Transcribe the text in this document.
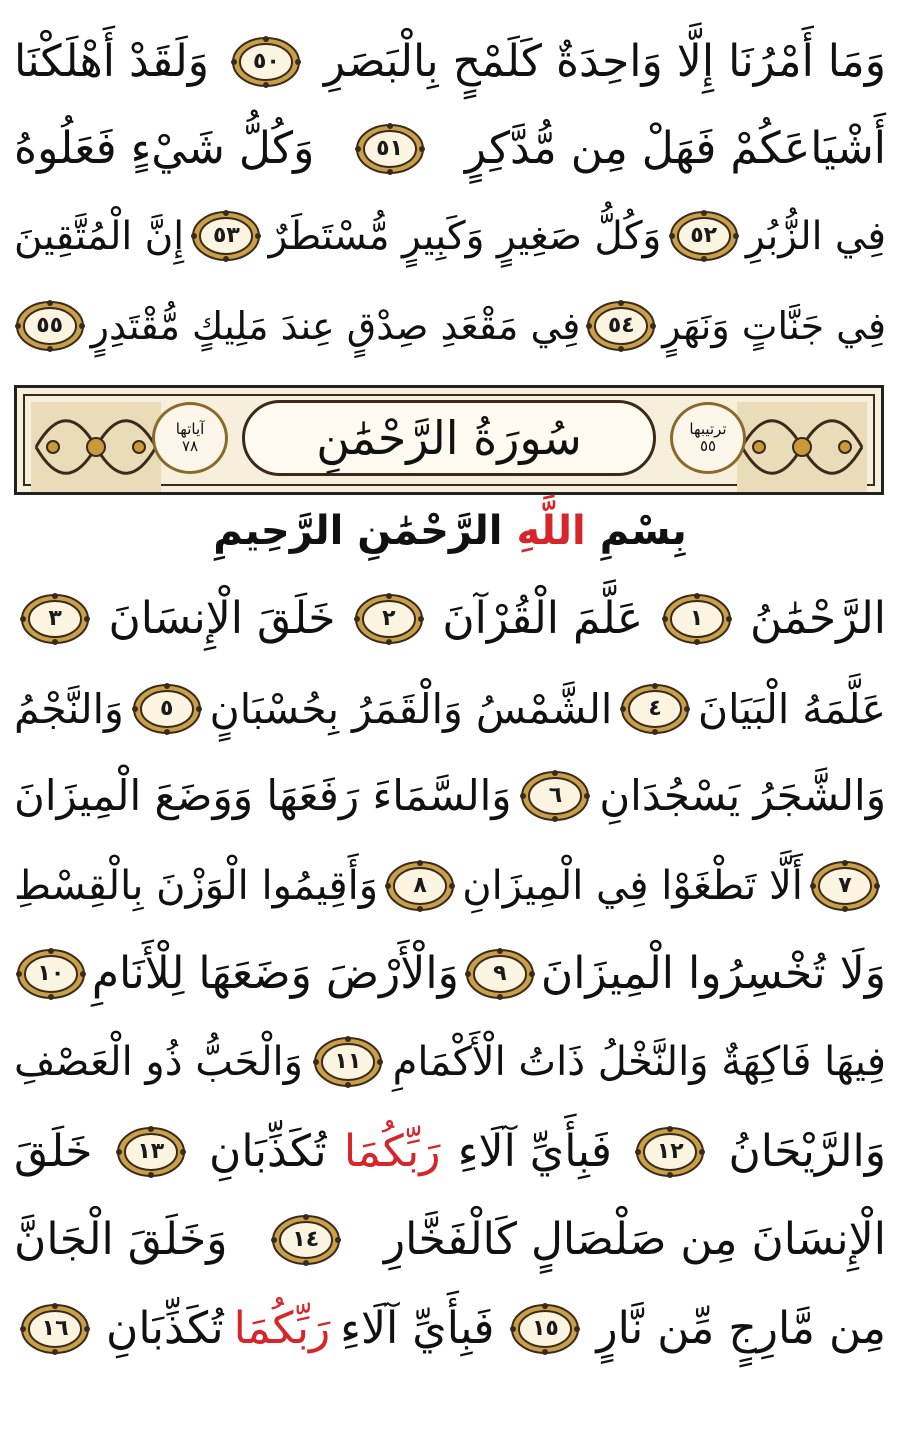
وَمَا أَمْرُنَا إِلَّا وَاحِدَةٌ كَلَمْحٍ بِالْبَصَرِ
٥٠
وَلَقَدْ أَهْلَكْنَا
أَشْيَاعَكُمْ فَهَلْ مِن مُّدَّكِرٍ
٥١
وَكُلُّ شَيْءٍ فَعَلُوهُ
فِي الزُّبُرِ
٥٢
وَكُلُّ صَغِيرٍ وَكَبِيرٍ مُّسْتَطَرٌ
٥٣
إِنَّ الْمُتَّقِينَ
فِي جَنَّاتٍ وَنَهَرٍ
٥٤
فِي مَقْعَدِ صِدْقٍ عِندَ مَلِيكٍ مُّقْتَدِرٍ
٥٥
ترتيبها
٥٥
سُورَةُ الرَّحْمَٰنِ
آياتها
٧٨
بِسْمِ اللَّهِ الرَّحْمَٰنِ الرَّحِيمِ
الرَّحْمَٰنُ
١
عَلَّمَ الْقُرْآنَ
٢
خَلَقَ الْإِنسَانَ
٣
عَلَّمَهُ الْبَيَانَ
٤
الشَّمْسُ وَالْقَمَرُ بِحُسْبَانٍ
٥
وَالنَّجْمُ
وَالشَّجَرُ يَسْجُدَانِ
٦
وَالسَّمَاءَ رَفَعَهَا وَوَضَعَ الْمِيزَانَ
٧
أَلَّا تَطْغَوْا فِي الْمِيزَانِ
٨
وَأَقِيمُوا الْوَزْنَ بِالْقِسْطِ
وَلَا تُخْسِرُوا الْمِيزَانَ
٩
وَالْأَرْضَ وَضَعَهَا لِلْأَنَامِ
١٠
فِيهَا فَاكِهَةٌ وَالنَّخْلُ ذَاتُ الْأَكْمَامِ
١١
وَالْحَبُّ ذُو الْعَصْفِ
وَالرَّيْحَانُ
١٢
فَبِأَيِّ آلَاءِ
رَبِّكُمَا
تُكَذِّبَانِ
١٣
خَلَقَ
الْإِنسَانَ مِن صَلْصَالٍ كَالْفَخَّارِ
١٤
وَخَلَقَ الْجَانَّ
مِن مَّارِجٍ مِّن نَّارٍ
١٥
فَبِأَيِّ آلَاءِ
رَبِّكُمَا
تُكَذِّبَانِ
١٦
